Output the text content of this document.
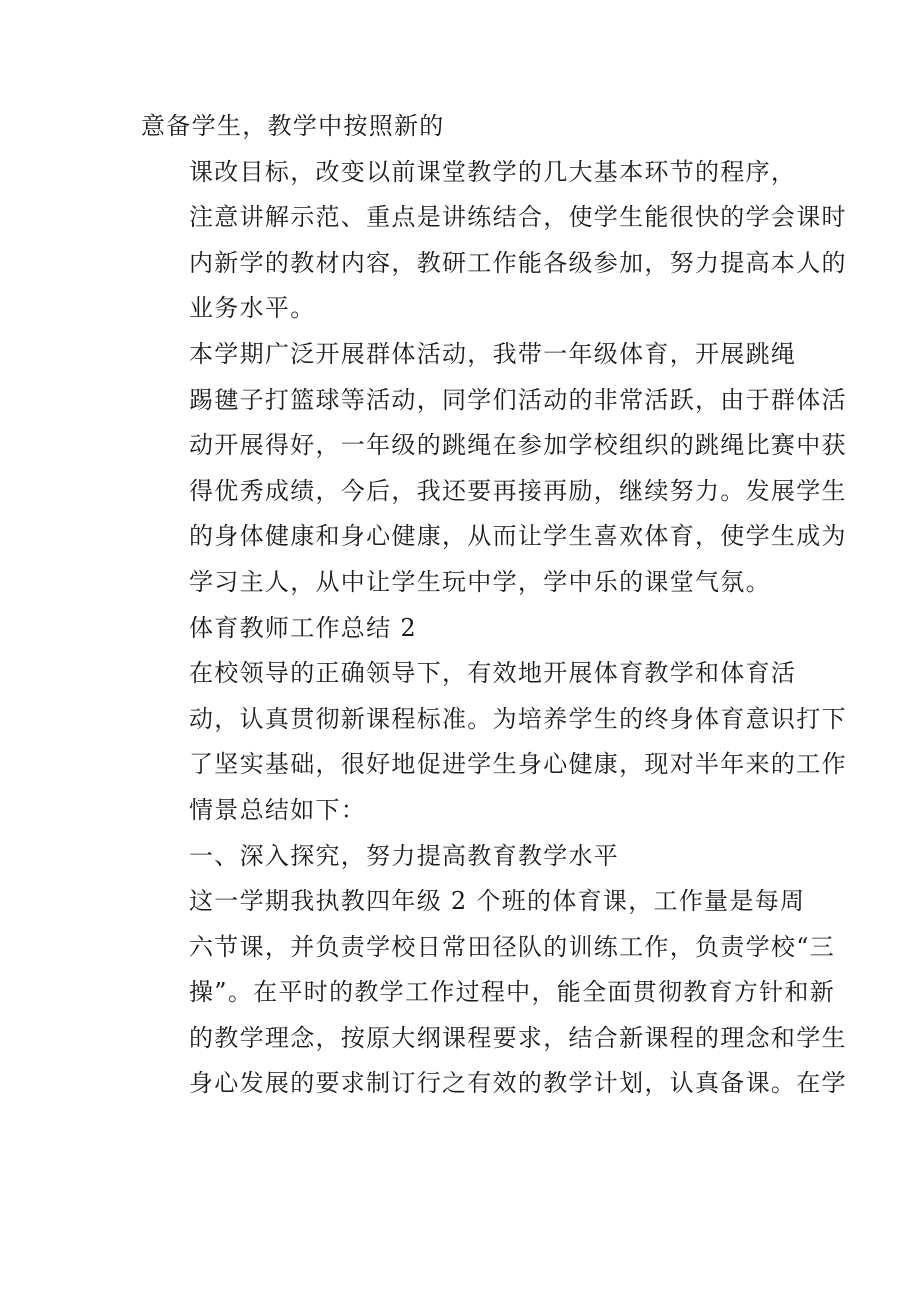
意备学生，教学中按照新的

课改目标，改变以前课堂教学的几大基本环节的程序，
注意讲解示范、重点是讲练结合，使学生能很快的学会课时
内新学的教材内容，教研工作能各级参加，努力提高本人的
业务水平。

本学期广泛开展群体活动，我带一年级体育，开展跳绳
踢毽子打篮球等活动，同学们活动的非常活跃，由于群体活
动开展得好，一年级的跳绳在参加学校组织的跳绳比赛中获
得优秀成绩，今后，我还要再接再励，继续努力。发展学生
的身体健康和身心健康，从而让学生喜欢体育，使学生成为
学习主人，从中让学生玩中学，学中乐的课堂气氛。

体育教师工作总结 2

在校领导的正确领导下，有效地开展体育教学和体育活
动，认真贯彻新课程标准。为培养学生的终身体育意识打下
了坚实基础，很好地促进学生身心健康，现对半年来的工作
情景总结如下：

一、深入探究，努力提高教育教学水平

这一学期我执教四年级 2 个班的体育课，工作量是每周
六节课，并负责学校日常田径队的训练工作，负责学校“三
操”。在平时的教学工作过程中，能全面贯彻教育方针和新
的教学理念，按原大纲课程要求，结合新课程的理念和学生
身心发展的要求制订行之有效的教学计划，认真备课。在学
